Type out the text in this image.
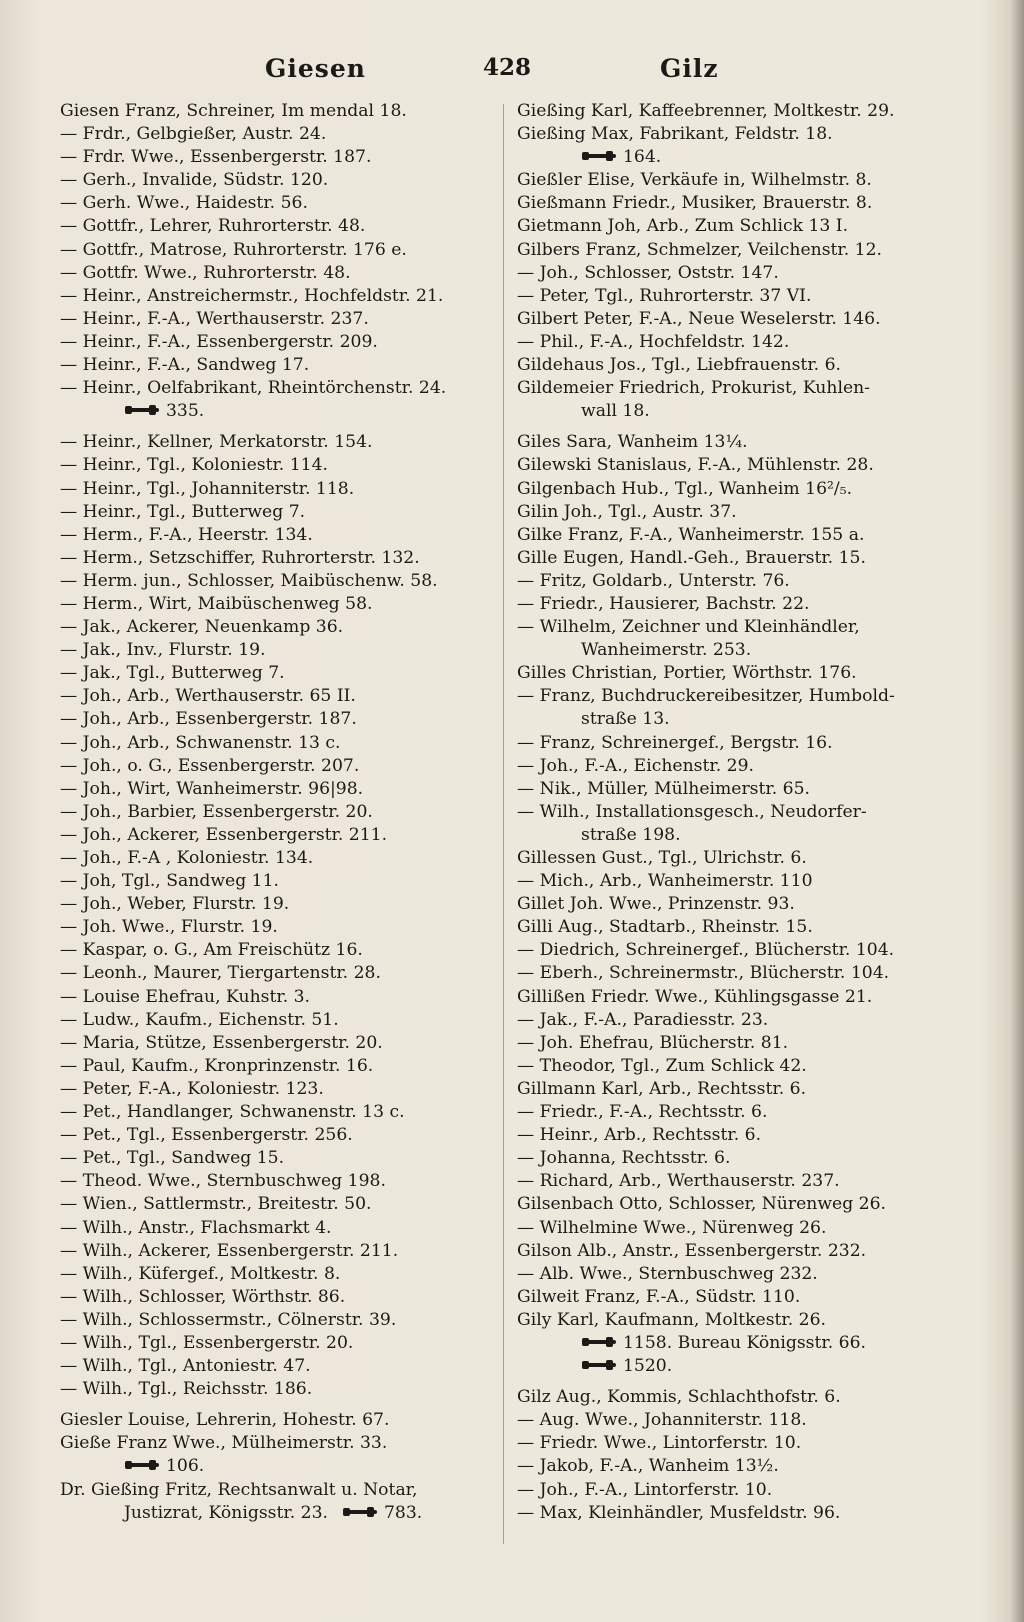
Giesen	428	Gilz
Giesen Franz, Schreiner, Im mendal 18.
— Frdr., Gelbgießer, Austr. 24.
— Frdr. Wwe., Essenbergerstr. 187.
— Gerh., Invalide, Südstr. 120.
— Gerh. Wwe., Haidestr. 56.
— Gottfr., Lehrer, Ruhrorterstr. 48.
— Gottfr., Matrose, Ruhrorterstr. 176 e.
— Gottfr. Wwe., Ruhrorterstr. 48.
— Heinr., Anstreichermstr., Hochfeldstr. 21.
— Heinr., F.-A., Werthauserstr. 237.
— Heinr., F.-A., Essenbergerstr. 209.
— Heinr., F.-A., Sandweg 17.
— Heinr., Oelfabrikant, Rheintörchenstr. 24.
335.
— Heinr., Kellner, Merkatorstr. 154.
— Heinr., Tgl., Koloniestr. 114.
— Heinr., Tgl., Johanniterstr. 118.
— Heinr., Tgl., Butterweg 7.
— Herm., F.-A., Heerstr. 134.
— Herm., Setzschiffer, Ruhrorterstr. 132.
— Herm. jun., Schlosser, Maibüschenw. 58.
— Herm., Wirt, Maibüschenweg 58.
— Jak., Ackerer, Neuenkamp 36.
— Jak., Inv., Flurstr. 19.
— Jak., Tgl., Butterweg 7.
— Joh., Arb., Werthauserstr. 65 II.
— Joh., Arb., Essenbergerstr. 187.
— Joh., Arb., Schwanenstr. 13 c.
— Joh., o. G., Essenbergerstr. 207.
— Joh., Wirt, Wanheimerstr. 96|98.
— Joh., Barbier, Essenbergerstr. 20.
— Joh., Ackerer, Essenbergerstr. 211.
— Joh., F.-A , Koloniestr. 134.
— Joh, Tgl., Sandweg 11.
— Joh., Weber, Flurstr. 19.
— Joh. Wwe., Flurstr. 19.
— Kaspar, o. G., Am Freischütz 16.
— Leonh., Maurer, Tiergartenstr. 28.
— Louise Ehefrau, Kuhstr. 3.
— Ludw., Kaufm., Eichenstr. 51.
— Maria, Stütze, Essenbergerstr. 20.
— Paul, Kaufm., Kronprinzenstr. 16.
— Peter, F.-A., Koloniestr. 123.
— Pet., Handlanger, Schwanenstr. 13 c.
— Pet., Tgl., Essenbergerstr. 256.
— Pet., Tgl., Sandweg 15.
— Theod. Wwe., Sternbuschweg 198.
— Wien., Sattlermstr., Breitestr. 50.
— Wilh., Anstr., Flachsmarkt 4.
— Wilh., Ackerer, Essenbergerstr. 211.
— Wilh., Küfergef., Moltkestr. 8.
— Wilh., Schlosser, Wörthstr. 86.
— Wilh., Schlossermstr., Cölnerstr. 39.
— Wilh., Tgl., Essenbergerstr. 20.
— Wilh., Tgl., Antoniestr. 47.
— Wilh., Tgl., Reichsstr. 186.
Giesler Louise, Lehrerin, Hohestr. 67.
Gieße Franz Wwe., Mülheimerstr. 33.
106.
Dr. Gießing Fritz, Rechtsanwalt u. Notar,
Justizrat, Königsstr. 23.	783.
Gießing Karl, Kaffeebrenner, Moltkestr. 29.
Gießing Max, Fabrikant, Feldstr. 18.
164.
Gießler Elise, Verkäufe in, Wilhelmstr. 8.
Gießmann Friedr., Musiker, Brauerstr. 8.
Gietmann Joh, Arb., Zum Schlick 13 I.
Gilbers Franz, Schmelzer, Veilchenstr. 12.
— Joh., Schlosser, Oststr. 147.
— Peter, Tgl., Ruhrorterstr. 37 VI.
Gilbert Peter, F.-A., Neue Weselerstr. 146.
— Phil., F.-A., Hochfeldstr. 142.
Gildehaus Jos., Tgl., Liebfrauenstr. 6.
Gildemeier Friedrich, Prokurist, Kuhlen-
wall 18.
Giles Sara, Wanheim 13¼.
Gilewski Stanislaus, F.-A., Mühlenstr. 28.
Gilgenbach Hub., Tgl., Wanheim 16²/₅.
Gilin Joh., Tgl., Austr. 37.
Gilke Franz, F.-A., Wanheimerstr. 155 a.
Gille Eugen, Handl.-Geh., Brauerstr. 15.
— Fritz, Goldarb., Unterstr. 76.
— Friedr., Hausierer, Bachstr. 22.
— Wilhelm, Zeichner und Kleinhändler,
Wanheimerstr. 253.
Gilles Christian, Portier, Wörthstr. 176.
— Franz, Buchdruckereibesitzer, Humbold-
straße 13.
— Franz, Schreinergef., Bergstr. 16.
— Joh., F.-A., Eichenstr. 29.
— Nik., Müller, Mülheimerstr. 65.
— Wilh., Installationsgesch., Neudorfer-
straße 198.
Gillessen Gust., Tgl., Ulrichstr. 6.
— Mich., Arb., Wanheimerstr. 110
Gillet Joh. Wwe., Prinzenstr. 93.
Gilli Aug., Stadtarb., Rheinstr. 15.
— Diedrich, Schreinergef., Blücherstr. 104.
— Eberh., Schreinermstr., Blücherstr. 104.
Gillißen Friedr. Wwe., Kühlingsgasse 21.
— Jak., F.-A., Paradiesstr. 23.
— Joh. Ehefrau, Blücherstr. 81.
— Theodor, Tgl., Zum Schlick 42.
Gillmann Karl, Arb., Rechtsstr. 6.
— Friedr., F.-A., Rechtsstr. 6.
— Heinr., Arb., Rechtsstr. 6.
— Johanna, Rechtsstr. 6.
— Richard, Arb., Werthauserstr. 237.
Gilsenbach Otto, Schlosser, Nürenweg 26.
— Wilhelmine Wwe., Nürenweg 26.
Gilson Alb., Anstr., Essenbergerstr. 232.
— Alb. Wwe., Sternbuschweg 232.
Gilweit Franz, F.-A., Südstr. 110.
Gily Karl, Kaufmann, Moltkestr. 26.
1158. Bureau Königsstr. 66.
1520.
Gilz Aug., Kommis, Schlachthofstr. 6.
— Aug. Wwe., Johanniterstr. 118.
— Friedr. Wwe., Lintorferstr. 10.
— Jakob, F.-A., Wanheim 13½.
— Joh., F.-A., Lintorferstr. 10.
— Max, Kleinhändler, Musfeldstr. 96.
